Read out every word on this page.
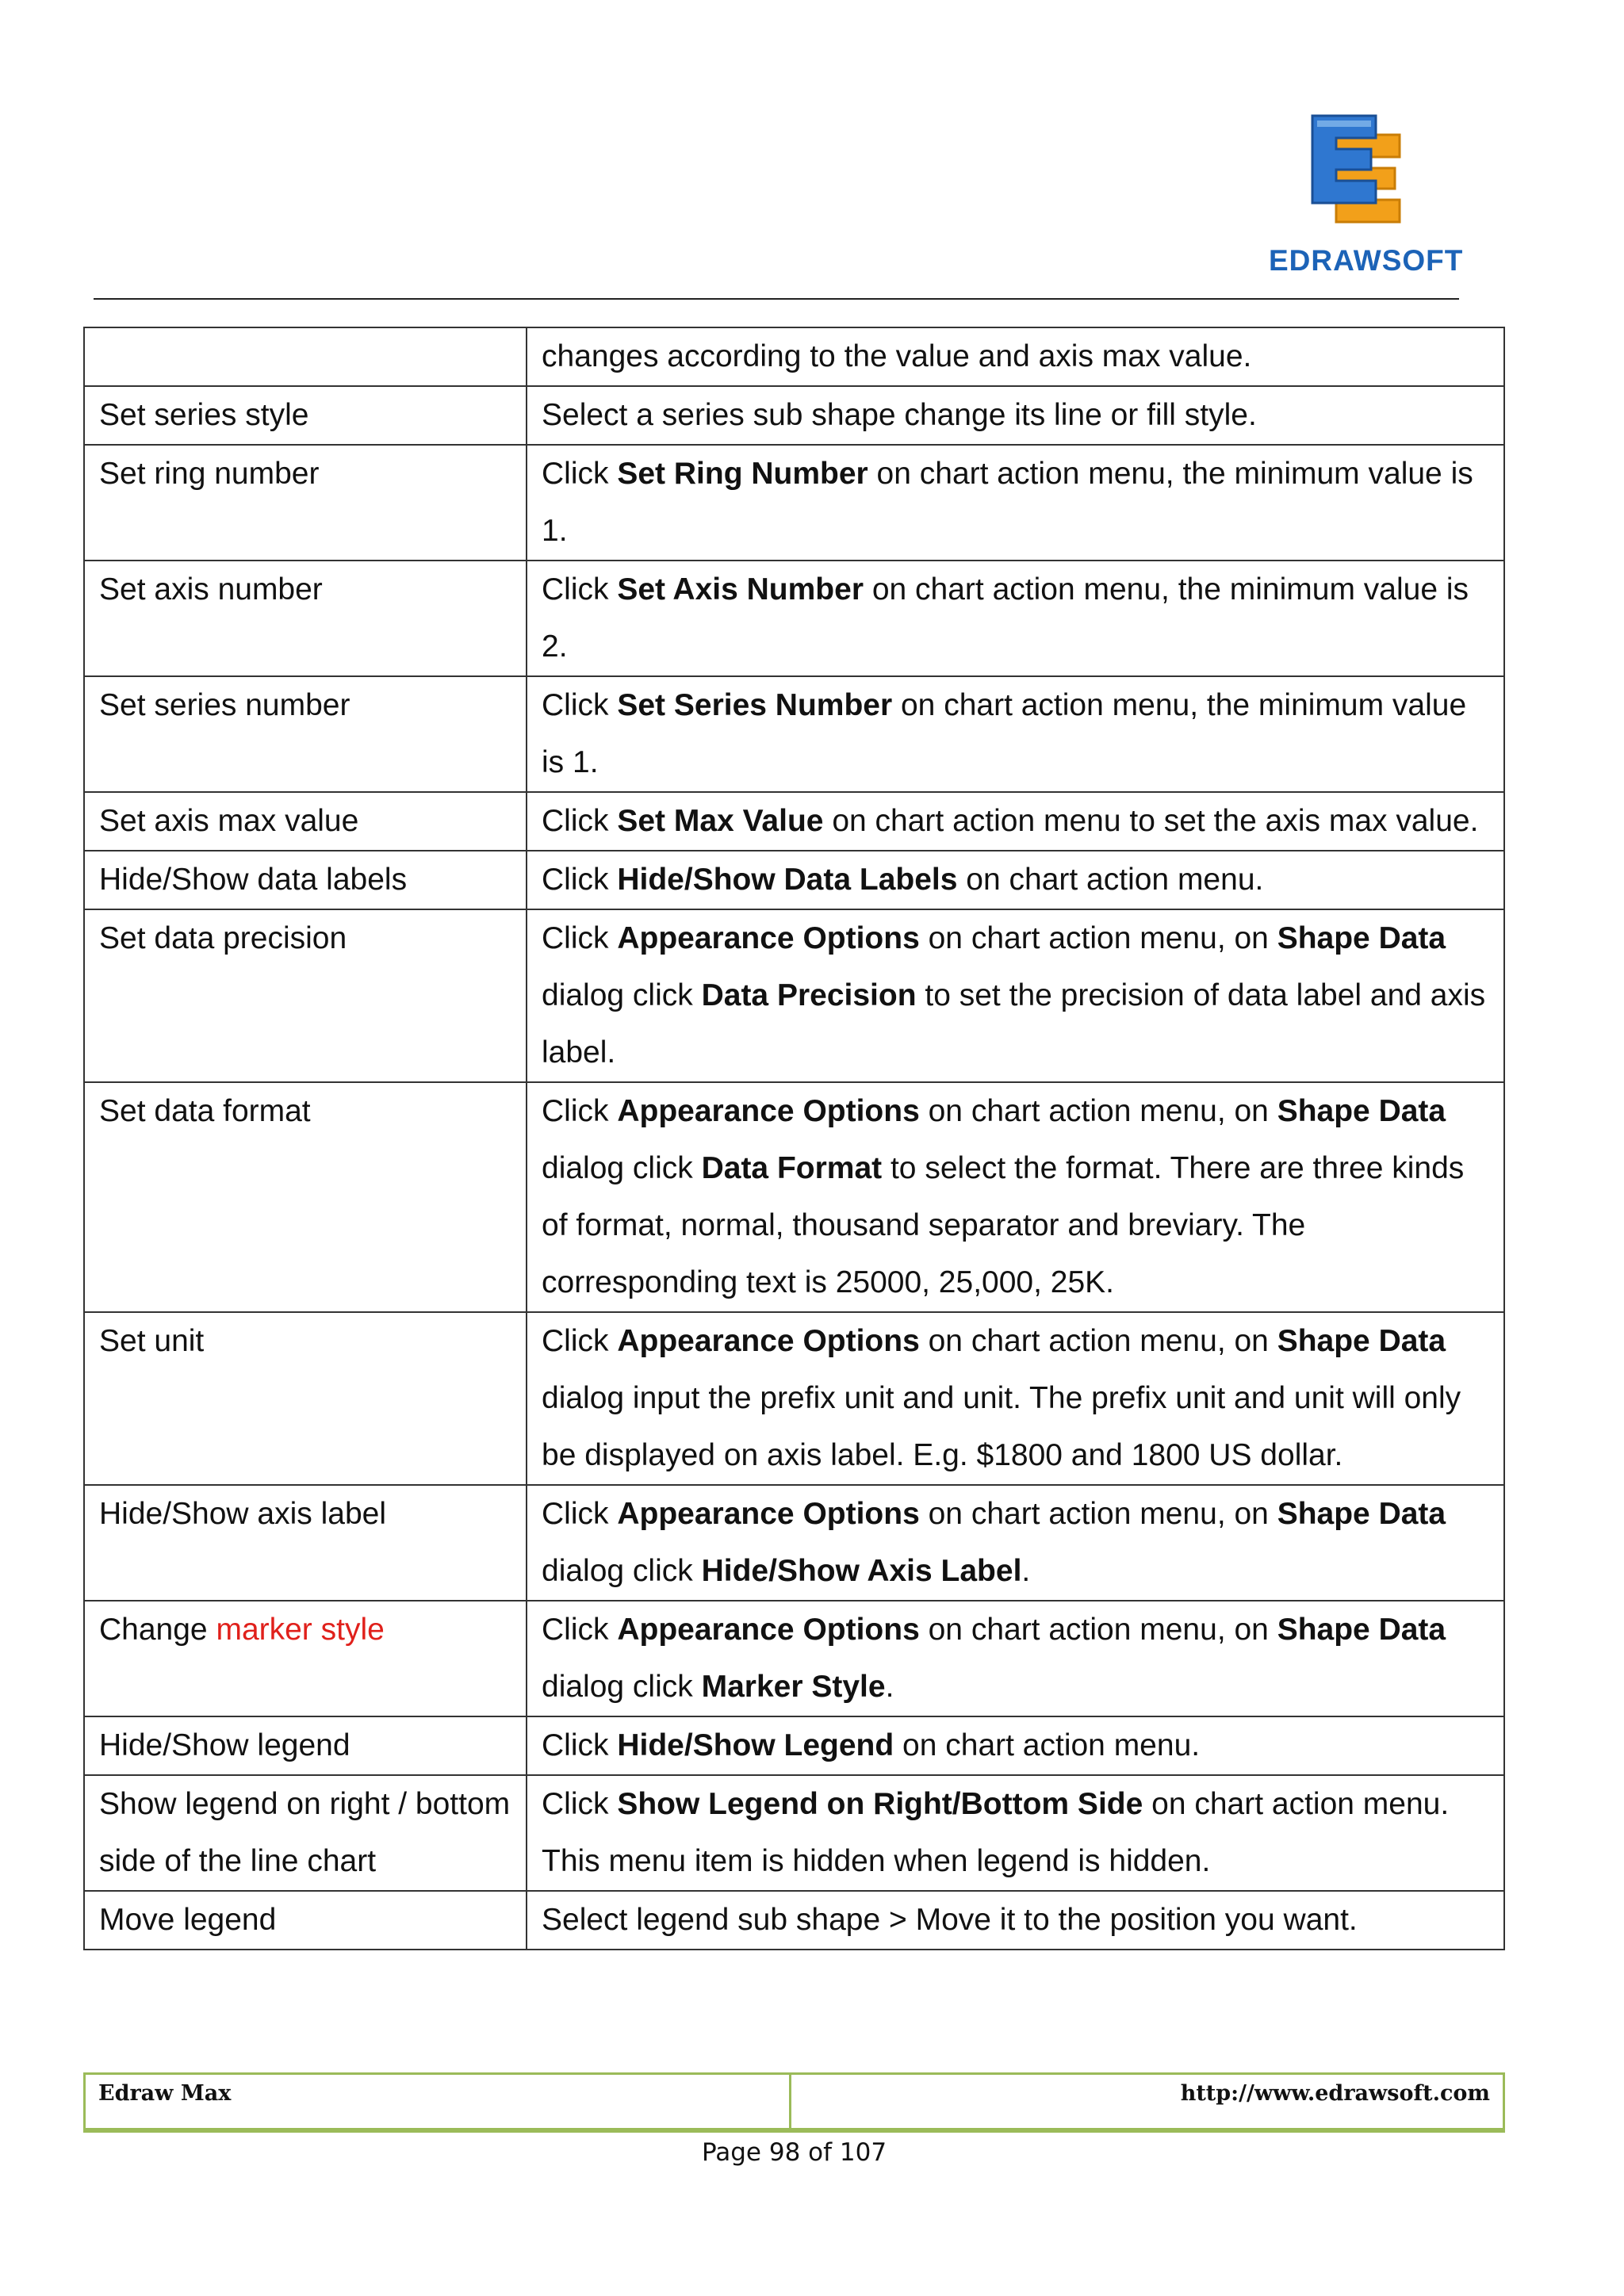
EDRAWSOFT
	changes according to the value and axis max value.
Set series style	Select a series sub shape change its line or fill style.
Set ring number	Click Set Ring Number on chart action menu, the minimum value is 1.
Set axis number	Click Set Axis Number on chart action menu, the minimum value is 2.
Set series number	Click Set Series Number on chart action menu, the minimum value is 1.
Set axis max value	Click Set Max Value on chart action menu to set the axis max value.
Hide/Show data labels	Click Hide/Show Data Labels on chart action menu.
Set data precision	Click Appearance Options on chart action menu, on Shape Data dialog click Data Precision to set the precision of data label and axis label.
Set data format	Click Appearance Options on chart action menu, on Shape Data dialog click Data Format to select the format. There are three kinds of format, normal, thousand separator and breviary. The corresponding text is 25000, 25,000, 25K.
Set unit	Click Appearance Options on chart action menu, on Shape Data dialog input the prefix unit and unit. The prefix unit and unit will only be displayed on axis label. E.g. $1800 and 1800 US dollar.
Hide/Show axis label	Click Appearance Options on chart action menu, on Shape Data dialog click Hide/Show Axis Label.
Change marker style	Click Appearance Options on chart action menu, on Shape Data dialog click Marker Style.
Hide/Show legend	Click Hide/Show Legend on chart action menu.
Show legend on right / bottom side of the line chart	Click Show Legend on Right/Bottom Side on chart action menu. This menu item is hidden when legend is hidden.
Move legend	Select legend sub shape > Move it to the position you want.
Edraw Max	http://www.edrawsoft.com
Page 98 of 107
